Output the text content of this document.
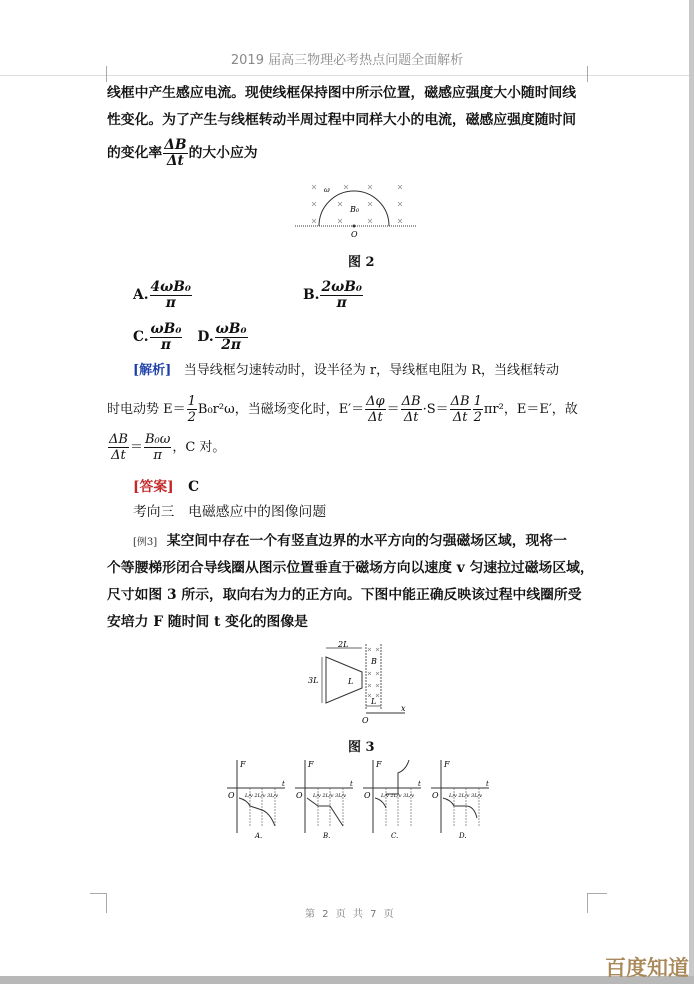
2019 届高三物理必考热点问题全面解析
线框中产生感应电流。现使线框保持图中所示位置，磁感应强度大小随时间线
性变化。为了产生与线框转动半周过程中同样大小的电流，磁感应强度随时间
的变化率 $\frac{\Delta B}{\Delta t}$ 的大小应为
ω
B₀
O
图 2
A. $\frac{\text{4ωB₀}}{\pi}$	B. $\frac{\text{2ωB₀}}{\pi}$
C. $\frac{\text{ωB₀}}{\pi} D$. $\frac{\text{ωB₀}}{2\pi}$
[解析] 当导线框匀速转动时，设半径为 r，导线框电阻为 R，当线框转动
时电动势 $E= \frac{1}{2} B_0r^2\omega$，当磁场变化时，$E'= \frac{\Delta\varphi}{\Delta t} = \frac{\Delta B}{\Delta t} \cdot S= \frac{\Delta B}{\Delta t} \frac{1}{2} \pi r^2$，E＝E′，故
$\frac{\Delta B}{\Delta t} = \frac{\text{B₀ω}}{\pi}$ ，C 对。
[答案] C
考向三　电磁感应中的图像问题
[例3] 某空间中存在一个有竖直边界的水平方向的匀强磁场区域，现将一
个等腰梯形闭合导线圈从图示位置垂直于磁场方向以速度 v 匀速拉过磁场区域，
尺寸如图 3 所示，取向右为力的正方向。下图中能正确反映该过程中线圈所受
安培力 F 随时间 t 变化的图像是
2L
3L	L
B
L
O
x
图 3
F
t
O L/v 2L/v 3L/v
A.
F
t
O L/v 2L/v 3L/v
B.
F
t
O L/v 2L/v 3L/v
C.
F
t
O L/v 2L/v 3L/v
D.
第 2 页 共 7 页
百度知道
